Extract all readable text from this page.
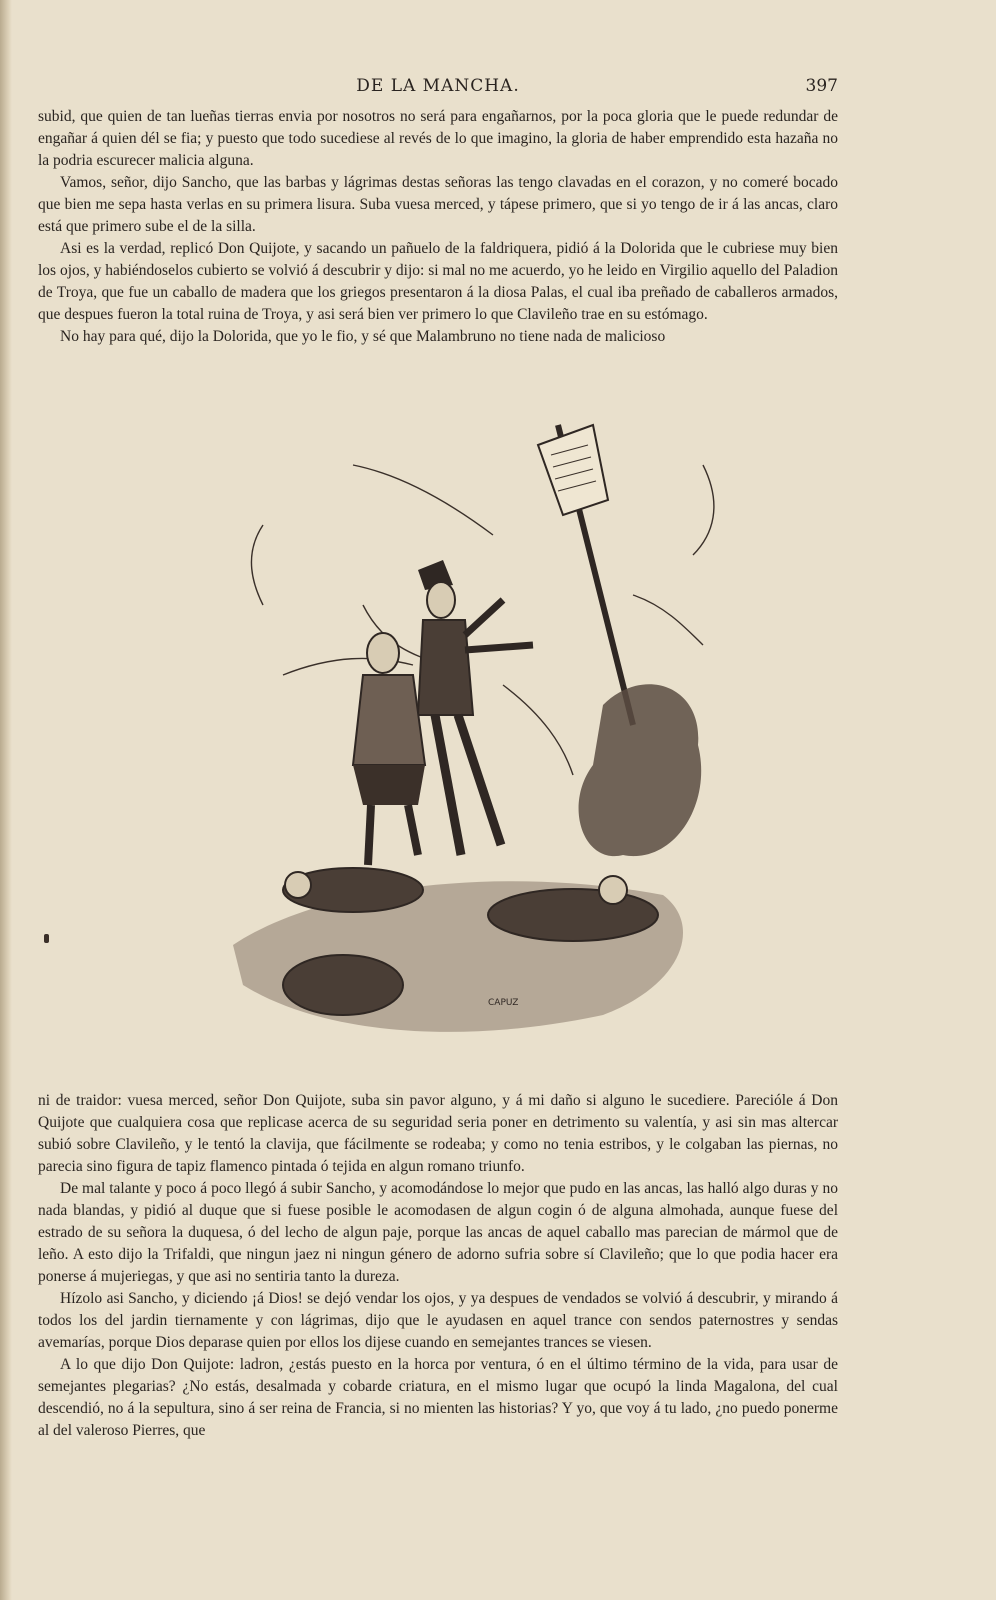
DE LA MANCHA.	397

subid, que quien de tan lueñas tierras envia por nosotros no será para engañarnos, por la poca gloria que le puede redundar de engañar á quien dél se fia; y puesto que todo sucediese al revés de lo que imagino, la gloria de haber emprendido esta hazaña no la podria escurecer malicia alguna.

Vamos, señor, dijo Sancho, que las barbas y lágrimas destas señoras las tengo clavadas en el corazon, y no comeré bocado que bien me sepa hasta verlas en su primera lisura. Suba vuesa merced, y tápese primero, que si yo tengo de ir á las ancas, claro está que primero sube el de la silla.

Asi es la verdad, replicó Don Quijote, y sacando un pañuelo de la faldriquera, pidió á la Dolorida que le cubriese muy bien los ojos, y habiéndoselos cubierto se volvió á descubrir y dijo: si mal no me acuerdo, yo he leido en Virgilio aquello del Paladion de Troya, que fue un caballo de madera que los griegos presentaron á la diosa Palas, el cual iba preñado de caballeros armados, que despues fueron la total ruina de Troya, y asi será bien ver primero lo que Clavileño trae en su estómago.

No hay para qué, dijo la Dolorida, que yo le fio, y sé que Malambruno no tiene nada de malicioso

CAPUZ

ni de traidor: vuesa merced, señor Don Quijote, suba sin pavor alguno, y á mi daño si alguno le sucediere. Parecióle á Don Quijote que cualquiera cosa que replicase acerca de su seguridad seria poner en detrimento su valentía, y asi sin mas altercar subió sobre Clavileño, y le tentó la clavija, que fácilmente se rodeaba; y como no tenia estribos, y le colgaban las piernas, no parecia sino figura de tapiz flamenco pintada ó tejida en algun romano triunfo.

De mal talante y poco á poco llegó á subir Sancho, y acomodándose lo mejor que pudo en las ancas, las halló algo duras y no nada blandas, y pidió al duque que si fuese posible le acomodasen de algun cogin ó de alguna almohada, aunque fuese del estrado de su señora la duquesa, ó del lecho de algun paje, porque las ancas de aquel caballo mas parecian de mármol que de leño. A esto dijo la Trifaldi, que ningun jaez ni ningun género de adorno sufria sobre sí Clavileño; que lo que podia hacer era ponerse á mujeriegas, y que asi no sentiria tanto la dureza.

Hízolo asi Sancho, y diciendo ¡á Dios! se dejó vendar los ojos, y ya despues de vendados se volvió á descubrir, y mirando á todos los del jardin tiernamente y con lágrimas, dijo que le ayudasen en aquel trance con sendos paternostres y sendas avemarías, porque Dios deparase quien por ellos los dijese cuando en semejantes trances se viesen.

A lo que dijo Don Quijote: ladron, ¿estás puesto en la horca por ventura, ó en el último término de la vida, para usar de semejantes plegarias? ¿No estás, desalmada y cobarde criatura, en el mismo lugar que ocupó la linda Magalona, del cual descendió, no á la sepultura, sino á ser reina de Francia, si no mienten las historias? Y yo, que voy á tu lado, ¿no puedo ponerme al del valeroso Pierres, que
